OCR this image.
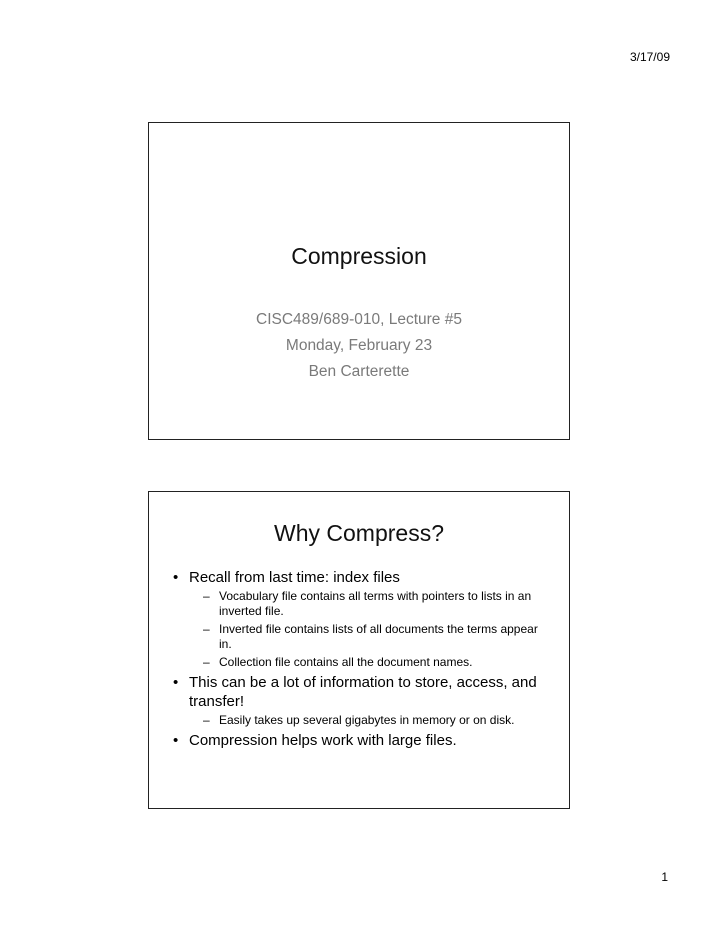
3/17/09
Compression
CISC489/689-010, Lecture #5
Monday, February 23
Ben Carterette
Why Compress?
• Recall from last time: index files
– Vocabulary file contains all terms with pointers to lists in an inverted file.
– Inverted file contains lists of all documents the terms appear in.
– Collection file contains all the document names.
• This can be a lot of information to store, access, and transfer!
– Easily takes up several gigabytes in memory or on disk.
• Compression helps work with large files.
1
